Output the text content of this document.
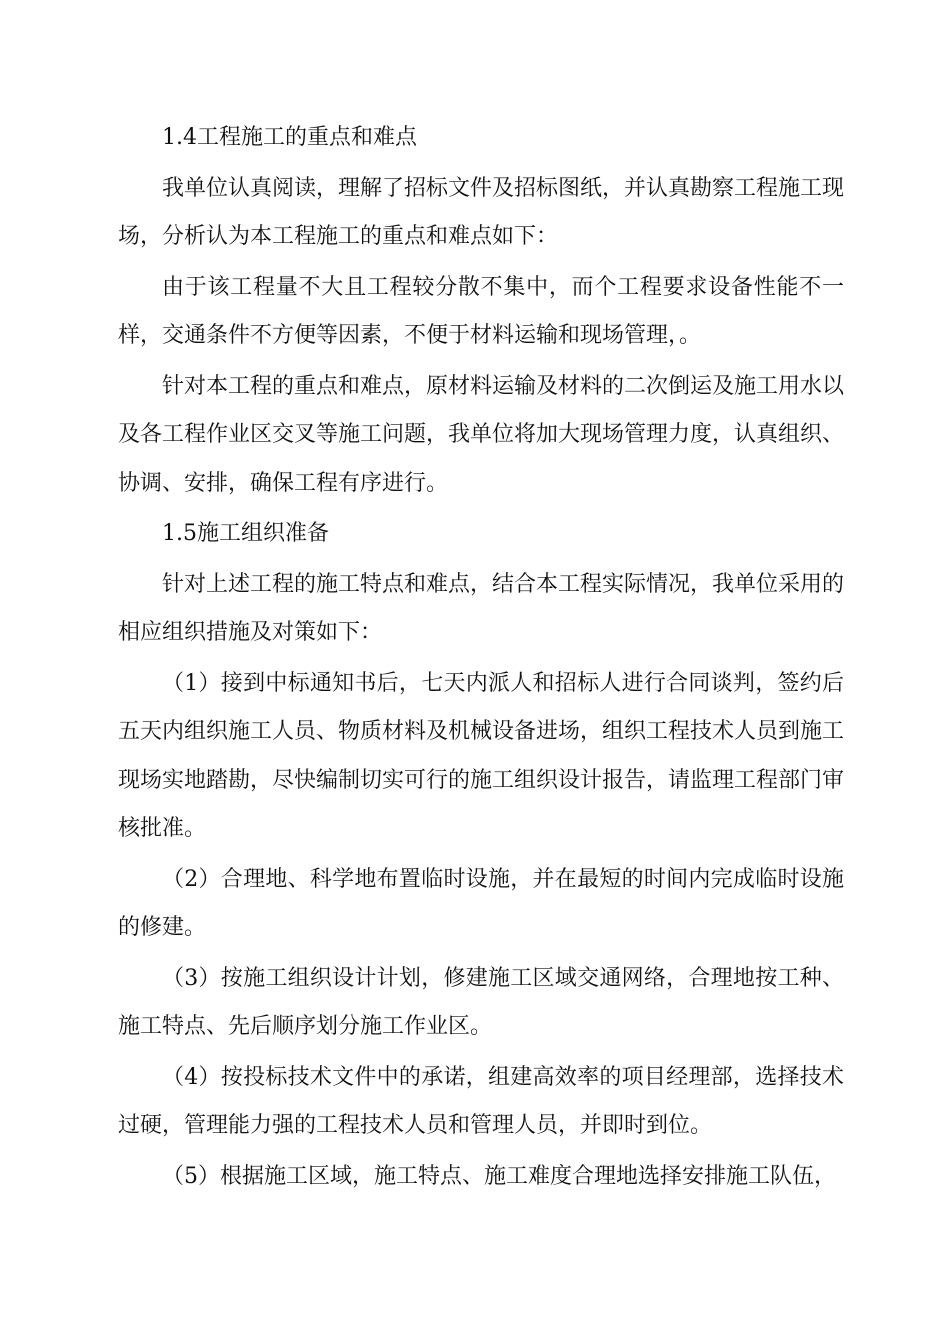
1.4工程施工的重点和难点

我单位认真阅读，理解了招标文件及招标图纸，并认真勘察工程施工现场，分析认为本工程施工的重点和难点如下：

由于该工程量不大且工程较分散不集中，而个工程要求设备性能不一样，交通条件不方便等因素，不便于材料运输和现场管理，。

针对本工程的重点和难点，原材料运输及材料的二次倒运及施工用水以及各工程作业区交叉等施工问题，我单位将加大现场管理力度，认真组织、协调、安排，确保工程有序进行。

1.5施工组织准备

针对上述工程的施工特点和难点，结合本工程实际情况，我单位采用的相应组织措施及对策如下：

（1）接到中标通知书后，七天内派人和招标人进行合同谈判，签约后五天内组织施工人员、物质材料及机械设备进场，组织工程技术人员到施工现场实地踏勘，尽快编制切实可行的施工组织设计报告，请监理工程部门审核批准。

（2）合理地、科学地布置临时设施，并在最短的时间内完成临时设施的修建。

（3）按施工组织设计计划，修建施工区域交通网络，合理地按工种、施工特点、先后顺序划分施工作业区。

（4）按投标技术文件中的承诺，组建高效率的项目经理部，选择技术过硬，管理能力强的工程技术人员和管理人员，并即时到位。

（5）根据施工区域，施工特点、施工难度合理地选择安排施工队伍，
